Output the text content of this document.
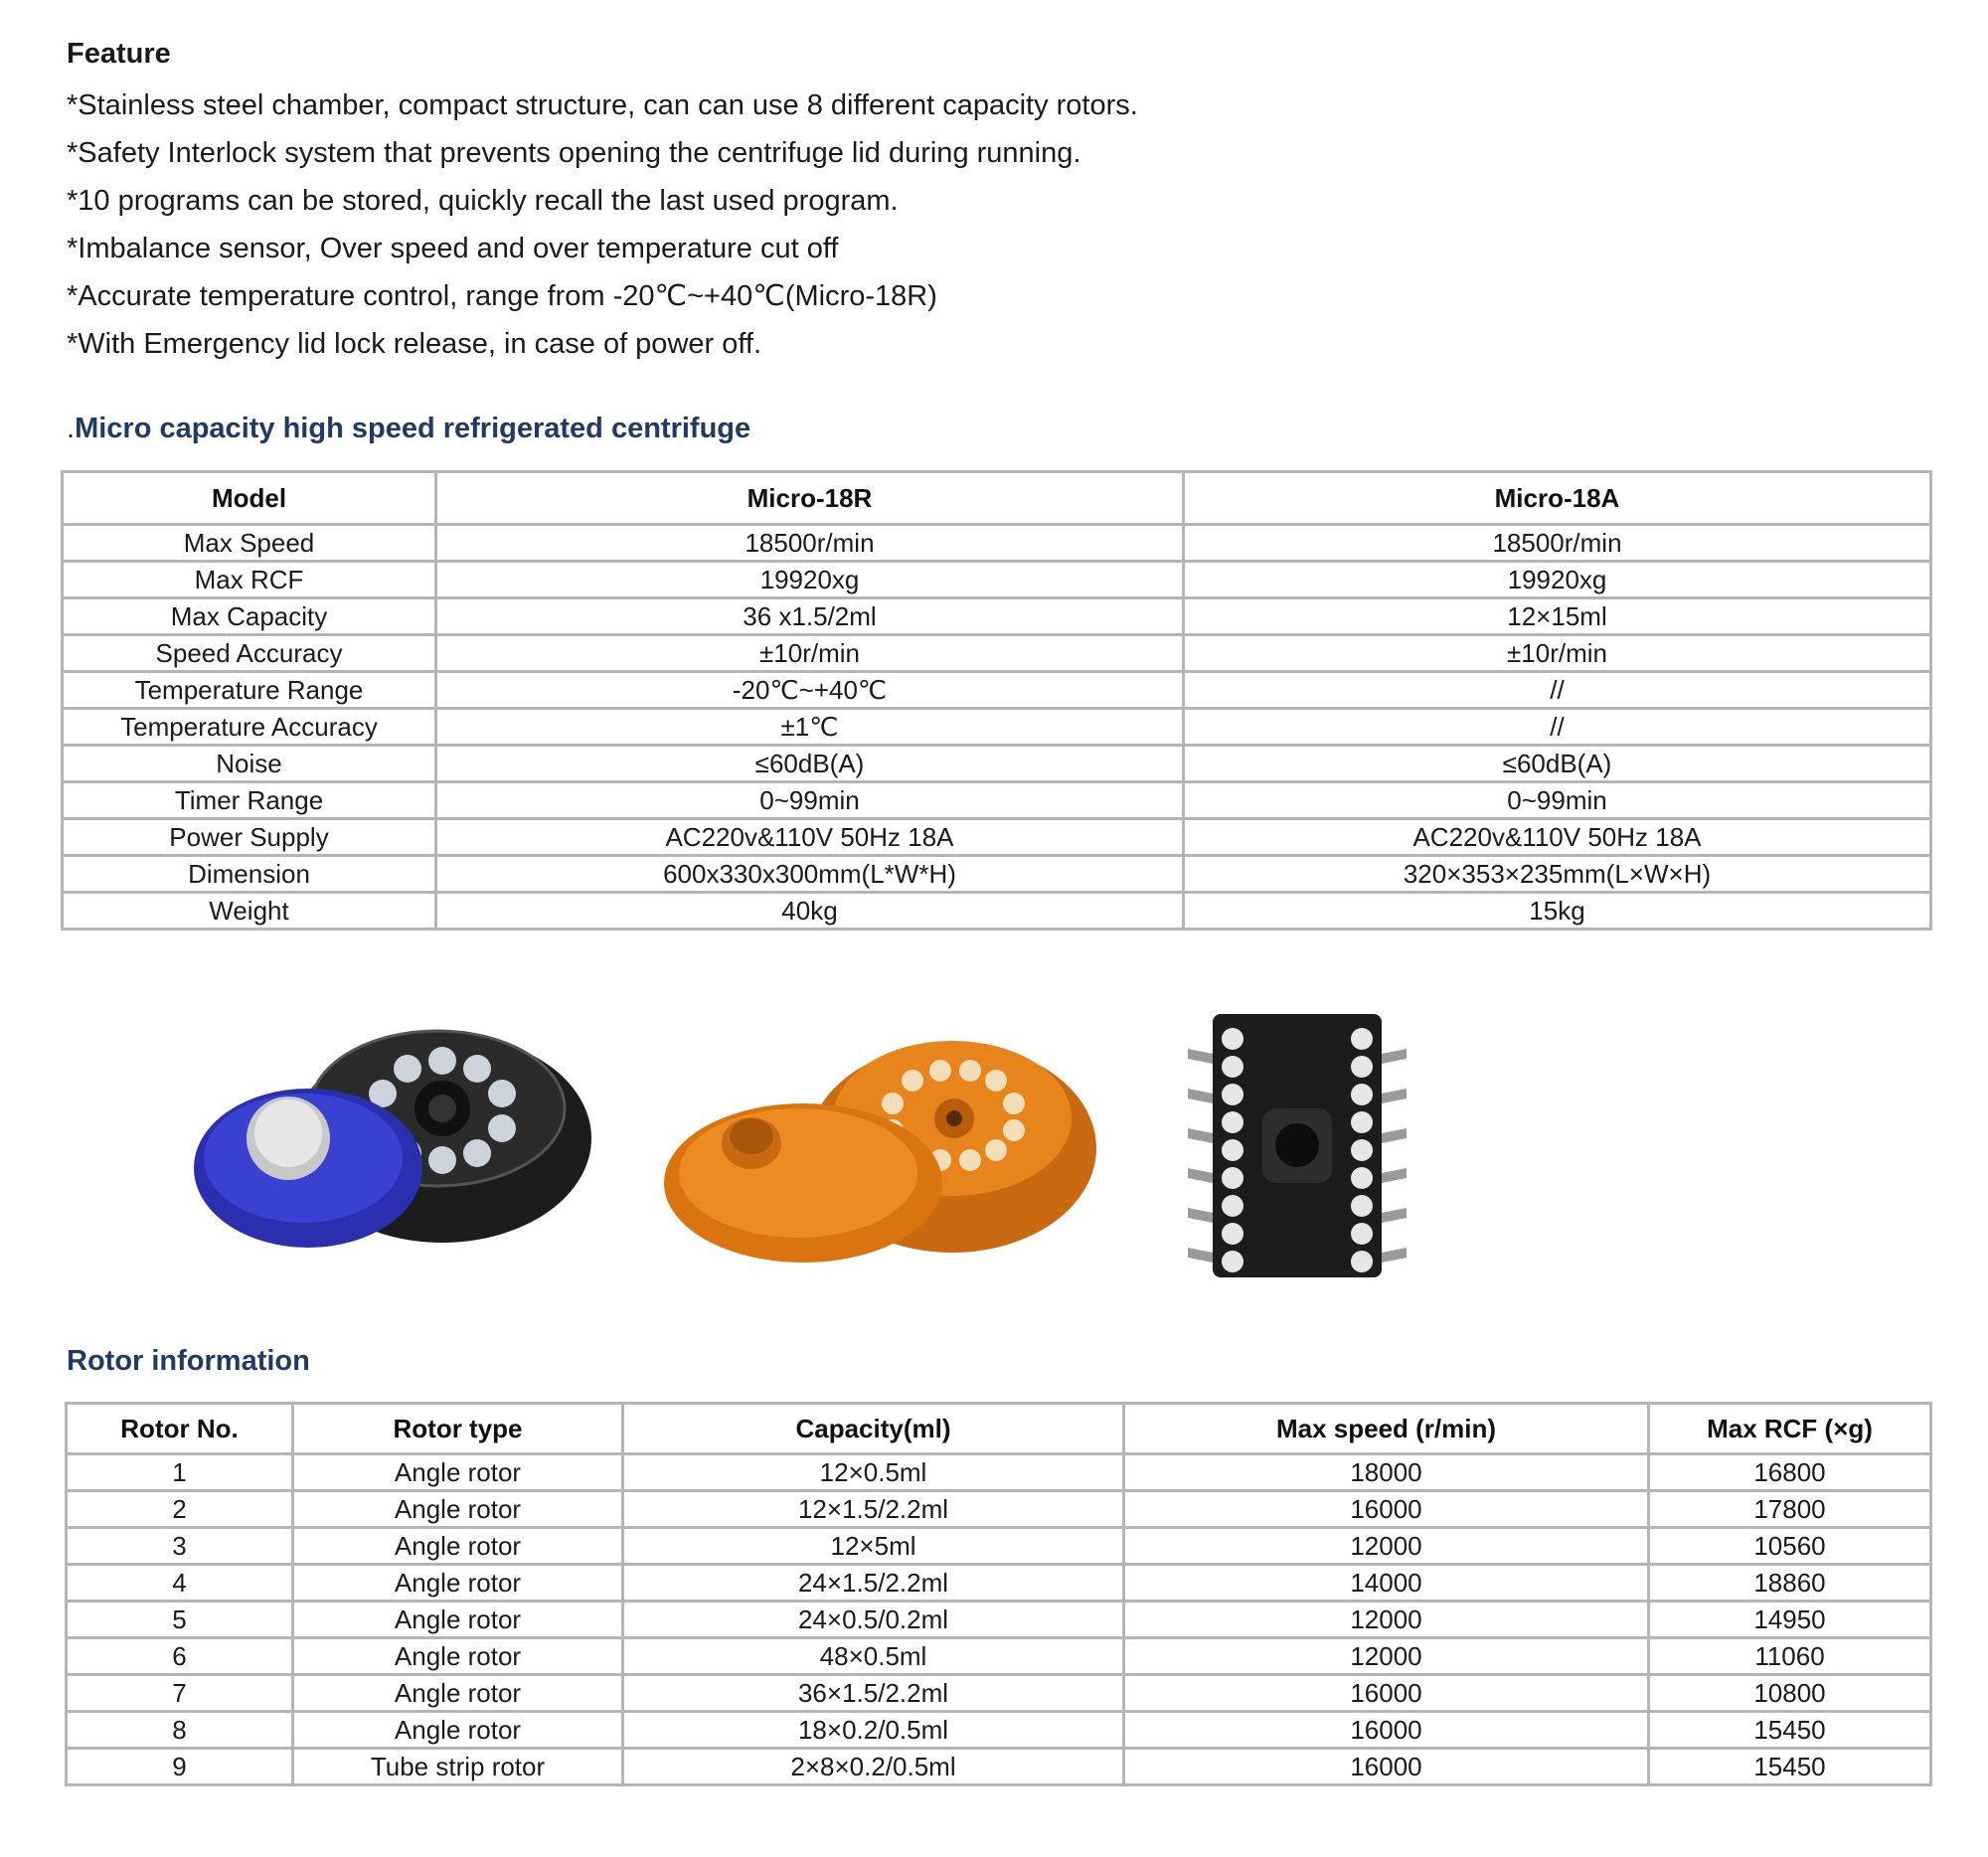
Feature
*Stainless steel chamber, compact structure, can can use 8 different capacity rotors.
*Safety Interlock system that prevents opening the centrifuge lid during running.
*10 programs can be stored, quickly recall the last used program.
*Imbalance sensor, Over speed and over temperature cut off
*Accurate temperature control, range from -20℃~+40℃(Micro-18R)
*With Emergency lid lock release, in case of power off.
.Micro capacity high speed refrigerated centrifuge
Model	Micro-18R	Micro-18A
Max Speed	18500r/min	18500r/min
Max RCF	19920xg	19920xg
Max Capacity	36 x1.5/2ml	12×15ml
Speed Accuracy	±10r/min	±10r/min
Temperature Range	-20℃~+40℃	//
Temperature Accuracy	±1℃	//
Noise	≤60dB(A)	≤60dB(A)
Timer Range	0~99min	0~99min
Power Supply	AC220v&110V 50Hz 18A	AC220v&110V 50Hz 18A
Dimension	600x330x300mm(L*W*H)	320×353×235mm(L×W×H)
Weight	40kg	15kg
Rotor information
Rotor No.	Rotor type	Capacity(ml)	Max speed (r/min)	Max RCF (×g)
1	Angle rotor	12×0.5ml	18000	16800
2	Angle rotor	12×1.5/2.2ml	16000	17800
3	Angle rotor	12×5ml	12000	10560
4	Angle rotor	24×1.5/2.2ml	14000	18860
5	Angle rotor	24×0.5/0.2ml	12000	14950
6	Angle rotor	48×0.5ml	12000	11060
7	Angle rotor	36×1.5/2.2ml	16000	10800
8	Angle rotor	18×0.2/0.5ml	16000	15450
9	Tube strip rotor	2×8×0.2/0.5ml	16000	15450
